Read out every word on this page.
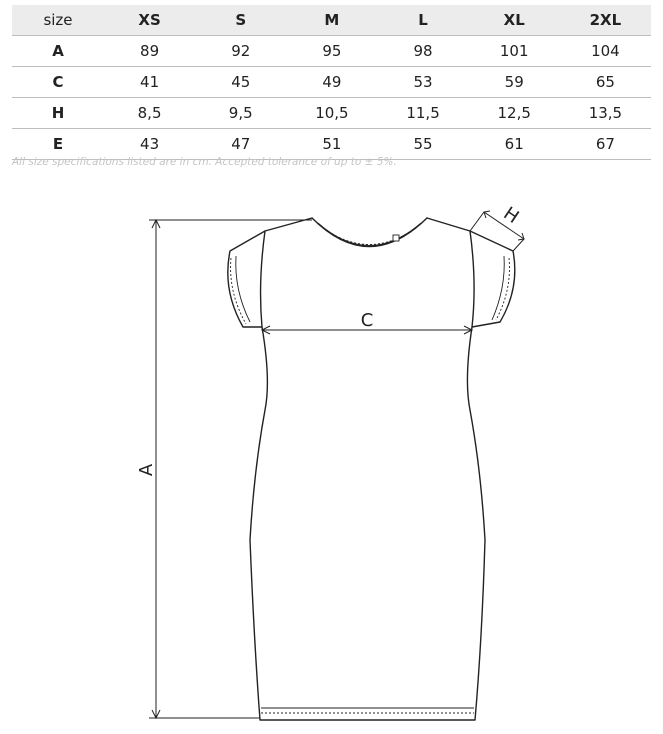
size	XS	S	M	L	XL	2XL
A	89	92	95	98	101	104
C	41	45	49	53	59	65
H	8,5	9,5	10,5	11,5	12,5	13,5
E	43	47	51	55	61	67
All size specifications listed are in cm. Accepted tolerance of up to ± 5%.
A
C
H
